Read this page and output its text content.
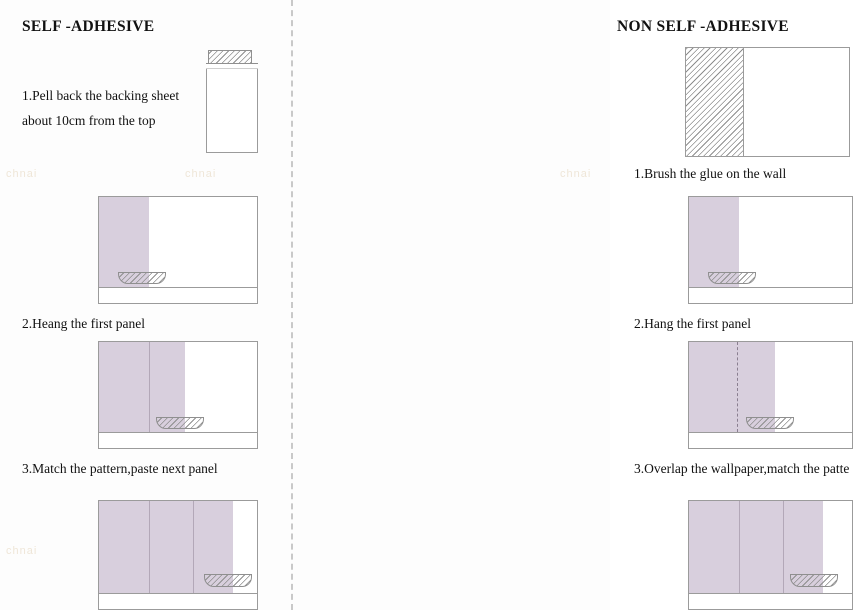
chnai	chnai
chnai
chnai
SELF -ADHESIVE
1.Pell back the backing sheet
about 10cm from the top
2.Heang the first panel
3.Match the pattern,paste next panel
NON SELF -ADHESIVE
1.Brush the glue on the wall
2.Hang the first panel
3.Overlap the wallpaper,match the patte
